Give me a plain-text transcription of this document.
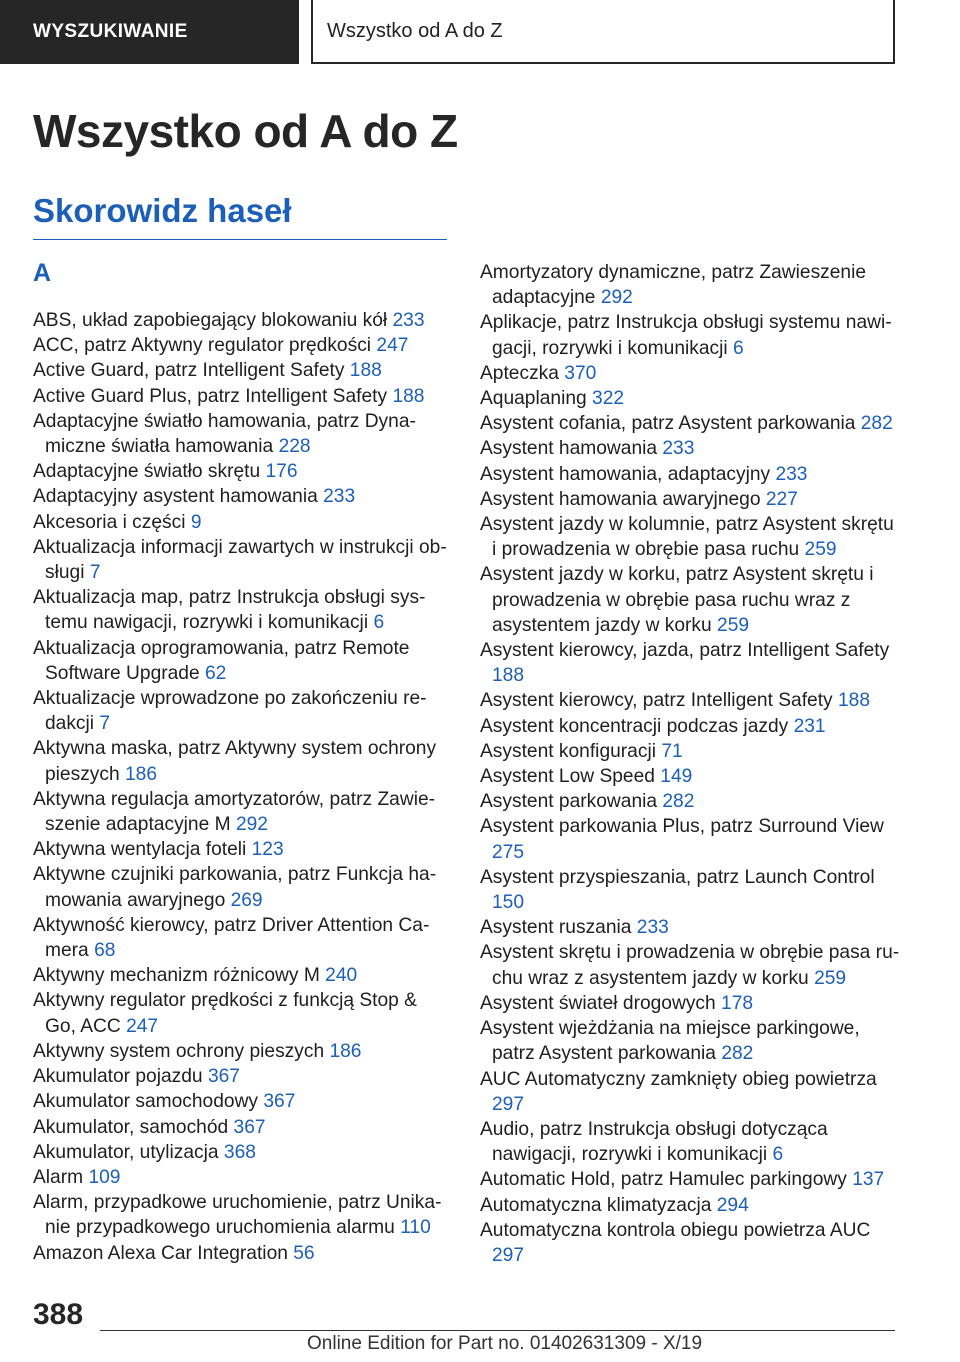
WYSZUKIWANIE	Wszystko od A do Z
Wszystko od A do Z
Skorowidz haseł
A

ABS, układ zapobiegający blokowaniu kół 233

ACC, patrz Aktywny regulator prędkości 247

Active Guard, patrz Intelligent Safety 188

Active Guard Plus, patrz Intelligent Safety 188

Adaptacyjne światło hamowania, patrz Dynamiczne światła hamowania 228

Adaptacyjne światło skrętu 176

Adaptacyjny asystent hamowania 233

Akcesoria i części 9

Aktualizacja informacji zawartych w instrukcji obsługi 7

Aktualizacja map, patrz Instrukcja obsługi systemu nawigacji, rozrywki i komunikacji 6

Aktualizacja oprogramowania, patrz Remote Software Upgrade 62

Aktualizacje wprowadzone po zakończeniu redakcji 7

Aktywna maska, patrz Aktywny system ochrony pieszych 186

Aktywna regulacja amortyzatorów, patrz Zawieszenie adaptacyjne M 292

Aktywna wentylacja foteli 123

Aktywne czujniki parkowania, patrz Funkcja hamowania awaryjnego 269

Aktywność kierowcy, patrz Driver Attention Camera 68

Aktywny mechanizm różnicowy M 240

Aktywny regulator prędkości z funkcją Stop & Go, ACC 247

Aktywny system ochrony pieszych 186

Akumulator pojazdu 367

Akumulator samochodowy 367

Akumulator, samochód 367

Akumulator, utylizacja 368

Alarm 109

Alarm, przypadkowe uruchomienie, patrz Unikanie przypadkowego uruchomienia alarmu 110

Amazon Alexa Car Integration 56

Amortyzatory dynamiczne, patrz Zawieszenie adaptacyjne 292

Aplikacje, patrz Instrukcja obsługi systemu nawigacji, rozrywki i komunikacji 6

Apteczka 370

Aquaplaning 322

Asystent cofania, patrz Asystent parkowania 282

Asystent hamowania 233

Asystent hamowania, adaptacyjny 233

Asystent hamowania awaryjnego 227

Asystent jazdy w kolumnie, patrz Asystent skrętu i prowadzenia w obrębie pasa ruchu 259

Asystent jazdy w korku, patrz Asystent skrętu i prowadzenia w obrębie pasa ruchu wraz z asystentem jazdy w korku 259

Asystent kierowcy, jazda, patrz Intelligent Safety 188

Asystent kierowcy, patrz Intelligent Safety 188

Asystent koncentracji podczas jazdy 231

Asystent konfiguracji 71

Asystent Low Speed 149

Asystent parkowania 282

Asystent parkowania Plus, patrz Surround View 275

Asystent przyspieszania, patrz Launch Control 150

Asystent ruszania 233

Asystent skrętu i prowadzenia w obrębie pasa ruchu wraz z asystentem jazdy w korku 259

Asystent świateł drogowych 178

Asystent wjeżdżania na miejsce parkingowe, patrz Asystent parkowania 282

AUC Automatyczny zamknięty obieg powietrza 297

Audio, patrz Instrukcja obsługi dotycząca nawigacji, rozrywki i komunikacji 6

Automatic Hold, patrz Hamulec parkingowy 137

Automatyczna klimatyzacja 294

Automatyczna kontrola obiegu powietrza AUC 297

388
Online Edition for Part no. 01402631309 - X/19
